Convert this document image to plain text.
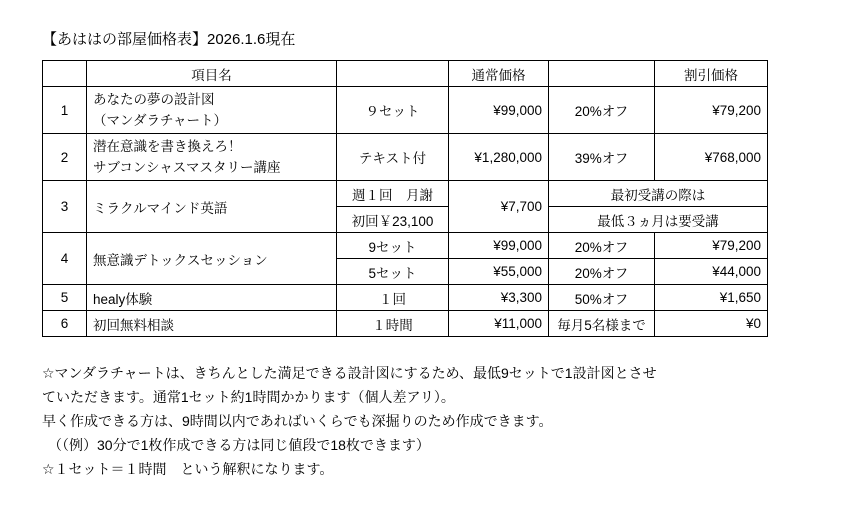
【あははの部屋価格表】2026.1.6現在
	項目名		通常価格		割引価格
1	あなたの夢の設計図
（マンダラチャート）	９セット	¥99,000	20%オフ	¥79,200

2	潜在意識を書き換えろ！
サブコンシャスマスタリー講座	テキスト付	¥1,280,000	39%オフ	¥768,000

3	ミラクルマインド英語	週１回　月謝	¥7,700	最初受講の際は	
		初回￥23,100		最低３ヵ月は要受講	
4	無意識デトックスセッション	9セット	¥99,000	20%オフ	¥79,200
		5セット	¥55,000	20%オフ	¥44,000
5	healy体験	１回	¥3,300	50%オフ	¥1,650
6	初回無料相談	１時間	¥11,000	毎月5名様まで	¥0

☆マンダラチャートは、きちんとした満足できる設計図にするため、最低9セットで1設計図とさせ

ていただきます。通常1セット約1時間かかります（個人差アリ）。

早く作成できる方は、9時間以内であればいくらでも深掘りのため作成できます。

（（例）30分で1枚作成できる方は同じ値段で18枚できます）

☆１セット＝１時間　という解釈になります。
